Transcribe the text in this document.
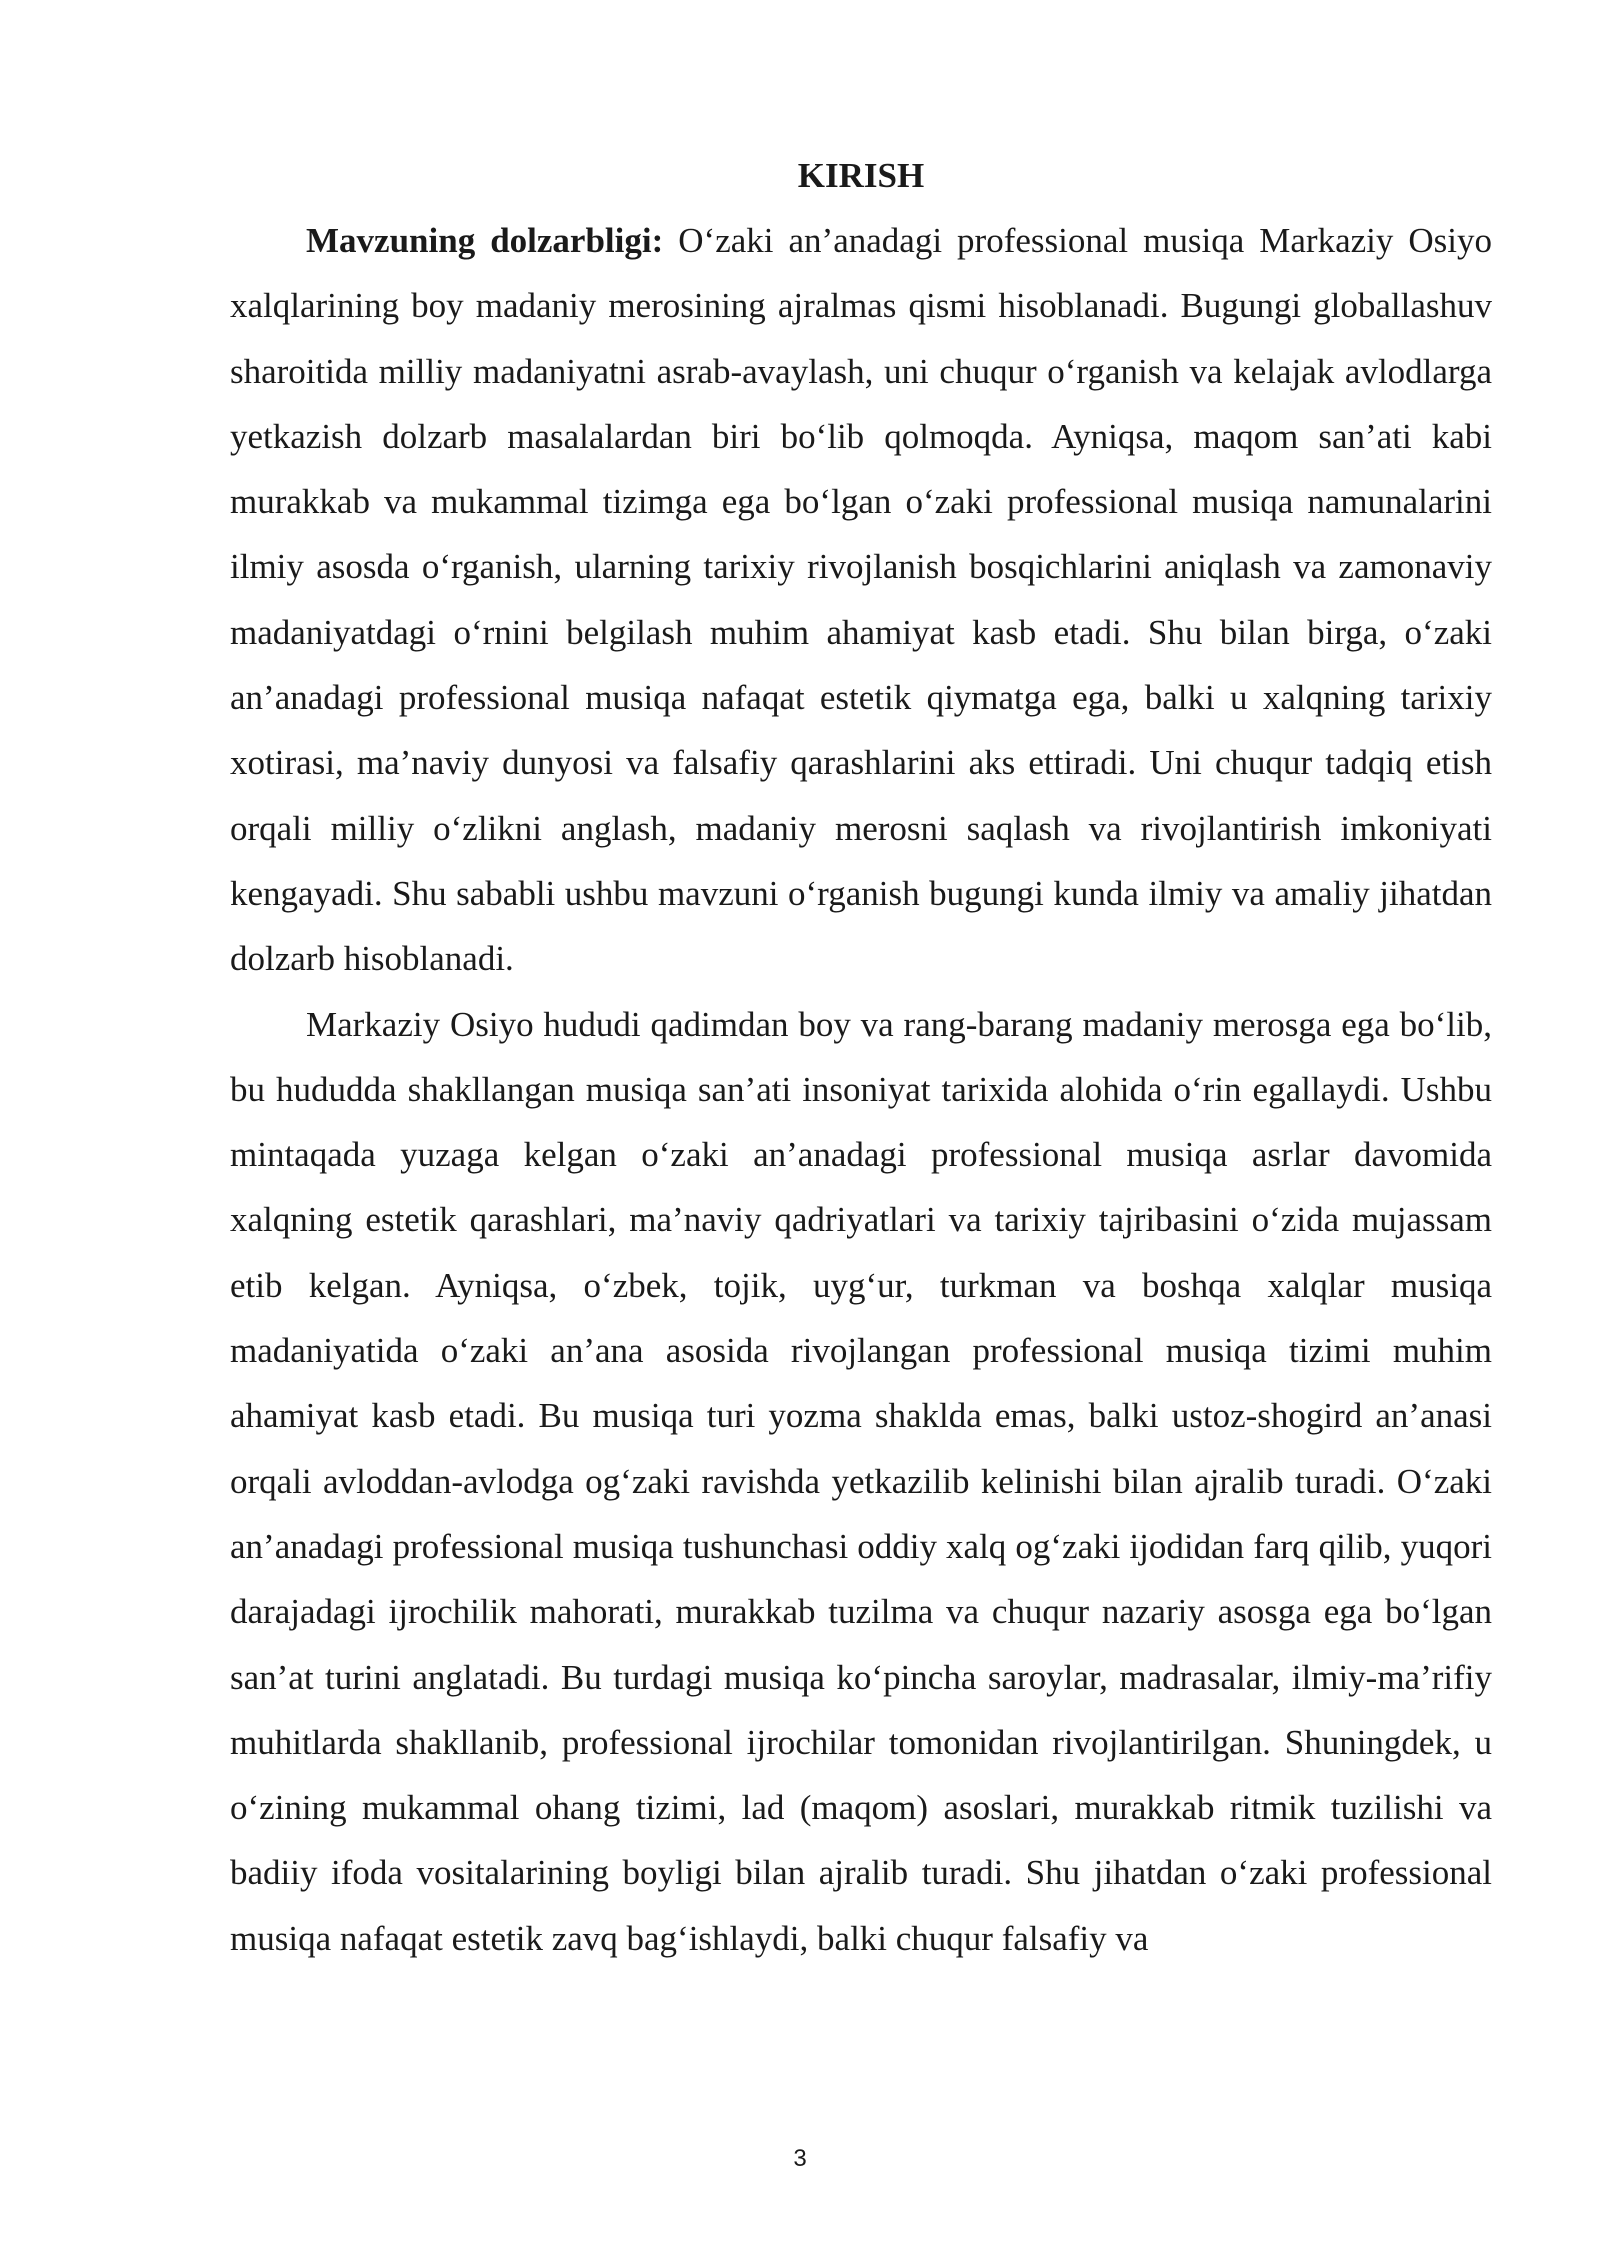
KIRISH

Mavzuning dolzarbligi: O‘zaki an’anadagi professional musiqa Markaziy Osiyo xalqlarining boy madaniy merosining ajralmas qismi hisoblanadi. Bugungi globallashuv sharoitida milliy madaniyatni asrab-avaylash, uni chuqur o‘rganish va kelajak avlodlarga yetkazish dolzarb masalalardan biri bo‘lib qolmoqda. Ayniqsa, maqom san’ati kabi murakkab va mukammal tizimga ega bo‘lgan o‘zaki professional musiqa namunalarini ilmiy asosda o‘rganish, ularning tarixiy rivojlanish bosqichlarini aniqlash va zamonaviy madaniyatdagi o‘rnini belgilash muhim ahamiyat kasb etadi. Shu bilan birga, o‘zaki an’anadagi professional musiqa nafaqat estetik qiymatga ega, balki u xalqning tarixiy xotirasi, ma’naviy dunyosi va falsafiy qarashlarini aks ettiradi. Uni chuqur tadqiq etish orqali milliy o‘zlikni anglash, madaniy merosni saqlash va rivojlantirish imkoniyati kengayadi. Shu sababli ushbu mavzuni o‘rganish bugungi kunda ilmiy va amaliy jihatdan dolzarb hisoblanadi.

Markaziy Osiyo hududi qadimdan boy va rang-barang madaniy merosga ega bo‘lib, bu hududda shakllangan musiqa san’ati insoniyat tarixida alohida o‘rin egallaydi. Ushbu mintaqada yuzaga kelgan o‘zaki an’anadagi professional musiqa asrlar davomida xalqning estetik qarashlari, ma’naviy qadriyatlari va tarixiy tajribasini o‘zida mujassam etib kelgan. Ayniqsa, o‘zbek, tojik, uyg‘ur, turkman va boshqa xalqlar musiqa madaniyatida o‘zaki an’ana asosida rivojlangan professional musiqa tizimi muhim ahamiyat kasb etadi. Bu musiqa turi yozma shakldа emas, balki ustoz-shogird an’anasi orqali avloddan-avlodga og‘zaki ravishda yetkazilib kelinishi bilan ajralib turadi. O‘zaki an’anadagi professional musiqa tushunchasi oddiy xalq og‘zaki ijodidan farq qilib, yuqori darajadagi ijrochilik mahorati, murakkab tuzilma va chuqur nazariy asosga ega bo‘lgan san’at turini anglatadi. Bu turdagi musiqa ko‘pincha saroylar, madrasalar, ilmiy-ma’rifiy muhitlarda shakllanib, professional ijrochilar tomonidan rivojlantirilgan. Shuningdek, u o‘zining mukammal ohang tizimi, lad (maqom) asoslari, murakkab ritmik tuzilishi va badiiy ifoda vositalarining boyligi bilan ajralib turadi. Shu jihatdan o‘zaki professional musiqa nafaqat estetik zavq bag‘ishlaydi, balki chuqur falsafiy va

3
